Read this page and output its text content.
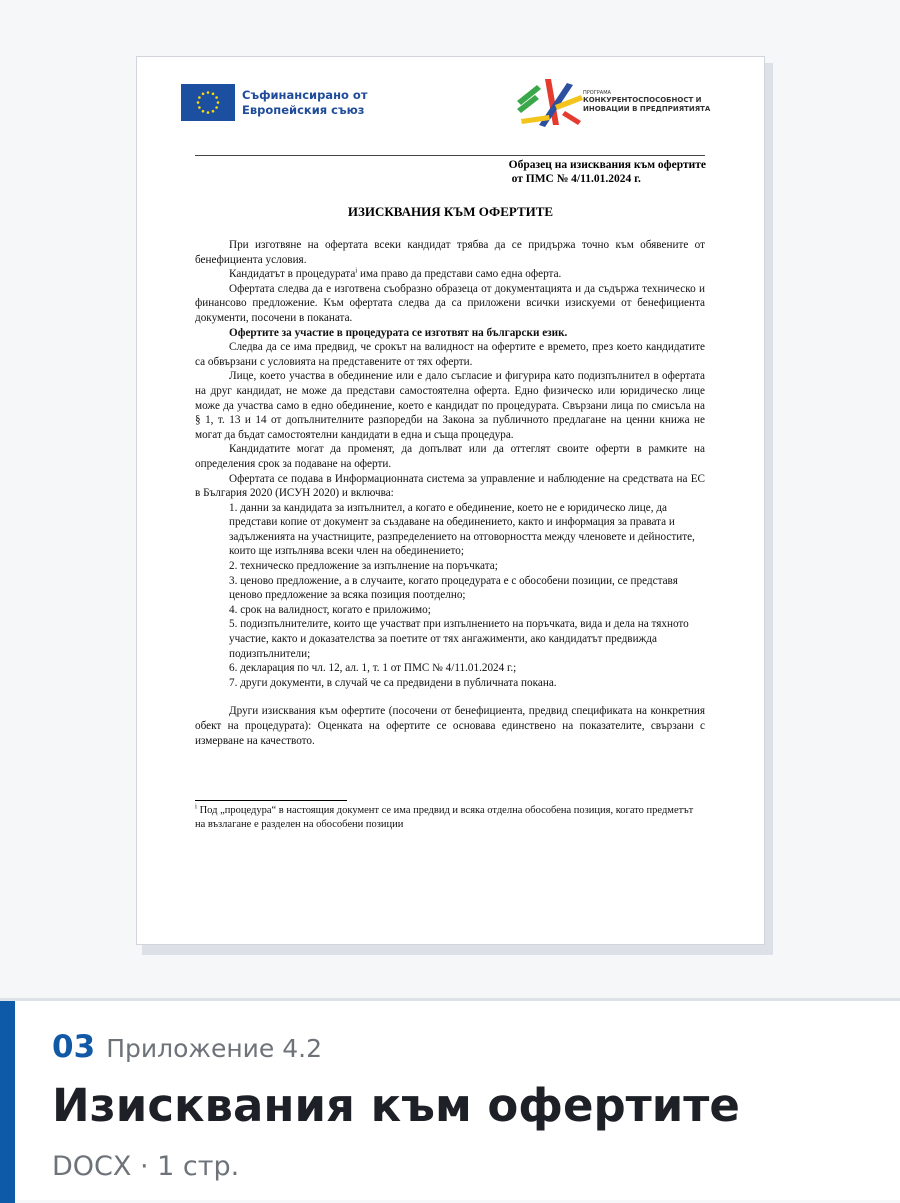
Съфинансирано от
Европейския съюз
ПРОГРАМА
КОНКУРЕНТОСПОСОБНОСТ И
ИНОВАЦИИ В ПРЕДПРИЯТИЯТА
Образец на изисквания към офертите
от ПМС № 4/11.01.2024 г.
ИЗИСКВАНИЯ КЪМ ОФЕРТИТЕ

При изготвяне на офертата всеки кандидат трябва да се придържа точно към обявените от бенефициента условия.

Кандидатът в процедурата$^i$ има право да представи само една оферта.

Офертата следва да е изготвена съобразно образеца от документацията и да съдържа техническо и финансово предложение. Към офертата следва да са приложени всички изискуеми от бенефициента документи, посочени в поканата.

Офертите за участие в процедурата се изготвят на български език.

Следва да се има предвид, че срокът на валидност на офертите е времето, през което кандидатите са обвързани с условията на представените от тях оферти.

Лице, което участва в обединение или е дало съгласие и фигурира като подизпълнител в офертата на друг кандидат, не може да представи самостоятелна оферта. Едно физическо или юридическо лице може да участва само в едно обединение, което е кандидат по процедурата. Свързани лица по смисъла на § 1, т. 13 и 14 от допълнителните разпоредби на Закона за публичното предлагане на ценни книжа не могат да бъдат самостоятелни кандидати в една и съща процедура.

Кандидатите могат да променят, да допълват или да оттеглят своите оферти в рамките на определения срок за подаване на оферти.

Офертата се подава в Информационната система за управление и наблюдение на средствата на ЕС в България 2020 (ИСУН 2020) и включва:

1. данни за кандидата за изпълнител, а когато е обединение, което не е юридическо лице, да представи копие от документ за създаване на обединението, както и информация за правата и задълженията на участниците, разпределението на отговорността между членовете и дейностите, които ще изпълнява всеки член на обединението;
2. техническо предложение за изпълнение на поръчката;
3. ценово предложение, а в случаите, когато процедурата е с обособени позиции, се представя ценово предложение за всяка позиция поотделно;
4. срок на валидност, когато е приложимо;
5. подизпълнителите, които ще участват при изпълнението на поръчката, вида и дела на тяхното участие, както и доказателства за поетите от тях ангажименти, ако кандидатът предвижда подизпълнители;
6. декларация по чл. 12, ал. 1, т. 1 от ПМС № 4/11.01.2024 г.;
7. други документи, в случай че са предвидени в публичната покана.

Други изисквания към офертите (посочени от бенефициента, предвид спецификата на конкретния обект на процедурата): Оценката на офертите се основава единствено на показателите, свързани с измерване на качеството.

$^i$ Под „процедура“ в настоящия документ се има предвид и всяка отделна обособена позиция, когато предметът на възлагане е разделен на обособени позиции
03 Приложение 4.2
Изисквания към офертите
DOCX · 1 стр.
